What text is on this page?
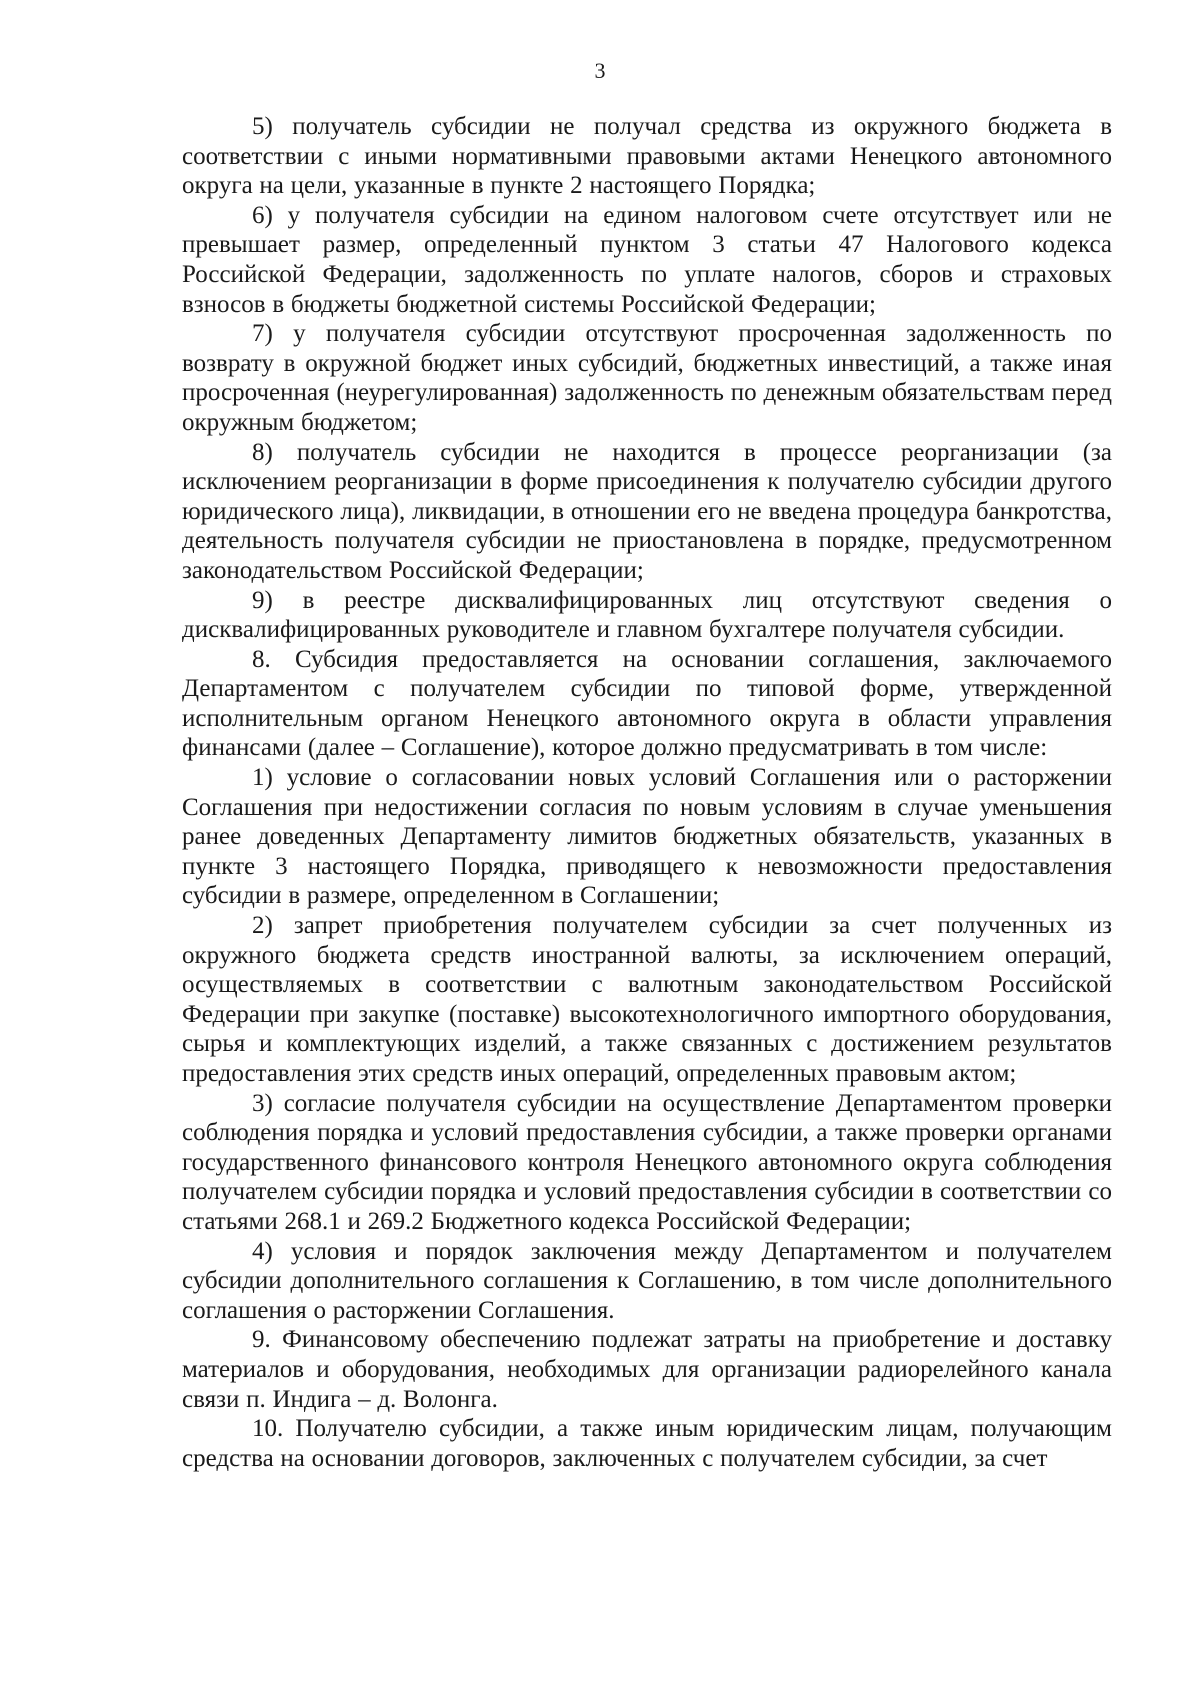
3

5) получатель субсидии не получал средства из окружного бюджета в соответствии с иными нормативными правовыми актами Ненецкого автономного округа на цели, указанные в пункте 2 настоящего Порядка;

6) у получателя субсидии на едином налоговом счете отсутствует или не превышает размер, определенный пунктом 3 статьи 47 Налогового кодекса Российской Федерации, задолженность по уплате налогов, сборов и страховых взносов в бюджеты бюджетной системы Российской Федерации;

7) у получателя субсидии отсутствуют просроченная задолженность по возврату в окружной бюджет иных субсидий, бюджетных инвестиций, а также иная просроченная (неурегулированная) задолженность по денежным обязательствам перед окружным бюджетом;

8) получатель субсидии не находится в процессе реорганизации (за исключением реорганизации в форме присоединения к получателю субсидии другого юридического лица), ликвидации, в отношении его не введена процедура банкротства, деятельность получателя субсидии не приостановлена в порядке, предусмотренном законодательством Российской Федерации;

9) в реестре дисквалифицированных лиц отсутствуют сведения о дисквалифицированных руководителе и главном бухгалтере получателя субсидии.

8. Субсидия предоставляется на основании соглашения, заключаемого Департаментом с получателем субсидии по типовой форме, утвержденной исполнительным органом Ненецкого автономного округа в области управления финансами (далее – Соглашение), которое должно предусматривать в том числе:

1) условие о согласовании новых условий Соглашения или о расторжении Соглашения при недостижении согласия по новым условиям в случае уменьшения ранее доведенных Департаменту лимитов бюджетных обязательств, указанных в пункте 3 настоящего Порядка, приводящего к невозможности предоставления субсидии в размере, определенном в Соглашении;

2) запрет приобретения получателем субсидии за счет полученных из окружного бюджета средств иностранной валюты, за исключением операций, осуществляемых в соответствии с валютным законодательством Российской Федерации при закупке (поставке) высокотехнологичного импортного оборудования, сырья и комплектующих изделий, а также связанных с достижением результатов предоставления этих средств иных операций, определенных правовым актом;

3) согласие получателя субсидии на осуществление Департаментом проверки соблюдения порядка и условий предоставления субсидии, а также проверки органами государственного финансового контроля Ненецкого автономного округа соблюдения получателем субсидии порядка и условий предоставления субсидии в соответствии со статьями 268.1 и 269.2 Бюджетного кодекса Российской Федерации;

4) условия и порядок заключения между Департаментом и получателем субсидии дополнительного соглашения к Соглашению, в том числе дополнительного соглашения о расторжении Соглашения.

9. Финансовому обеспечению подлежат затраты на приобретение и доставку материалов и оборудования, необходимых для организации радиорелейного канала связи п. Индига – д. Волонга.

10. Получателю субсидии, а также иным юридическим лицам, получающим средства на основании договоров, заключенных с получателем субсидии, за счет
